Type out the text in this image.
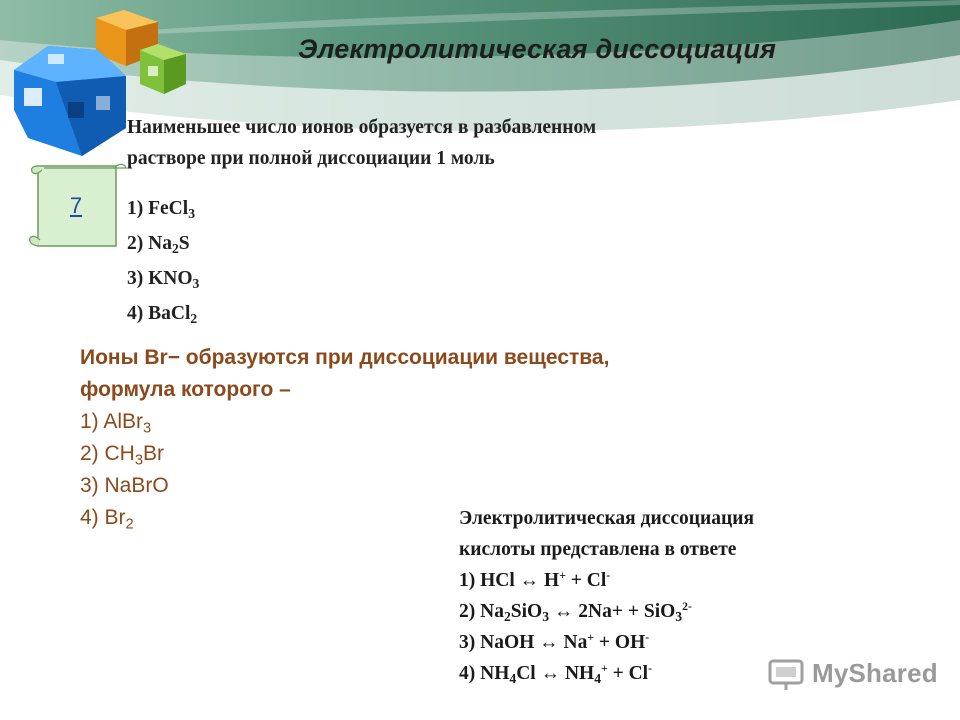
Электролитическая диссоциация
7
Наименьшее число ионов образуется в разбавленном
растворе при полной диссоциации 1 моль
1) FeCl$_3$
2) $Na_2S$
3) $KNO_3$
4) BaCl$_2$
Ионы Br− образуются при диссоциации вещества,
формула которого –
1) AlBr$_3$
2) $CH_3Br$
3) NaBrO
4) $Br_2$	Электролитическая диссоциация
кислоты представлена в ответе
1) HCl ↔ H+ + Cl-
2) $Na_2SiO_3$ ↔ 2Na+ + SiO$_3^{2-}$
3) NaOH ↔ Na+ + OH-
4) $NH_4Cl$ ↔ $NH_4^+ + Cl^-$	MyShared
